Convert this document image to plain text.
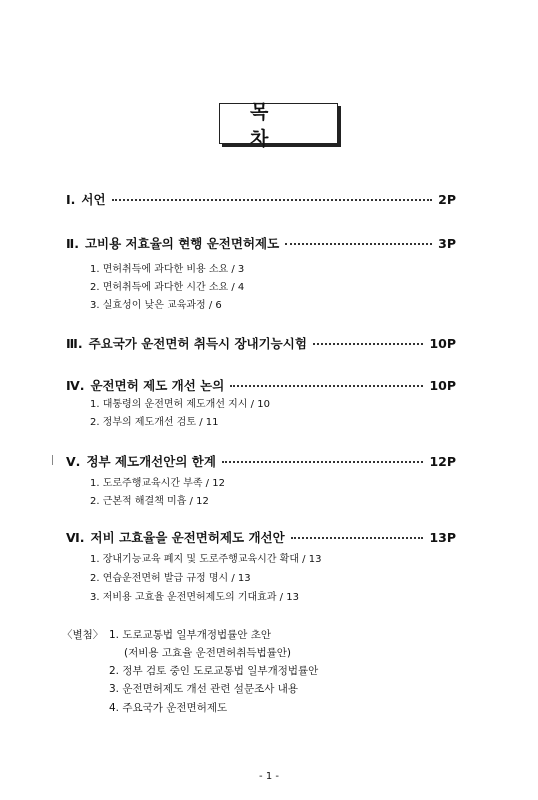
목 차
Ⅰ. 서언	2P
Ⅱ. 고비용 저효율의 현행 운전면허제도	3P
1. 면허취득에 과다한 비용 소요 / 3
2. 면허취득에 과다한 시간 소요 / 4
3. 실효성이 낮은 교육과정 / 6
Ⅲ. 주요국가 운전면허 취득시 장내기능시험	10P
Ⅳ. 운전면허 제도 개선 논의	10P
1. 대통령의 운전면허 제도개선 지시 / 10
2. 정부의 제도개선 검토 / 11
Ⅴ. 정부 제도개선안의 한계	12P
1. 도로주행교육시간 부족 / 12
2. 근본적 해결책 미흡 / 12
Ⅵ. 저비 고효율을 운전면허제도 개선안	13P
1. 장내기능교육 폐지 및 도로주행교육시간 확대 / 13
2. 연습운전면허 발급 규정 명시 / 13
3. 저비용 고효율 운전면허제도의 기대효과 / 13
〈별첨〉 1. 도로교통법 일부개정법률안 초안
(저비용 고효율 운전면허취득법률안)
2. 정부 검토 중인 도로교통법 일부개정법률안
3. 운전면허제도 개선 관련 설문조사 내용
4. 주요국가 운전면허제도
- 1 -
